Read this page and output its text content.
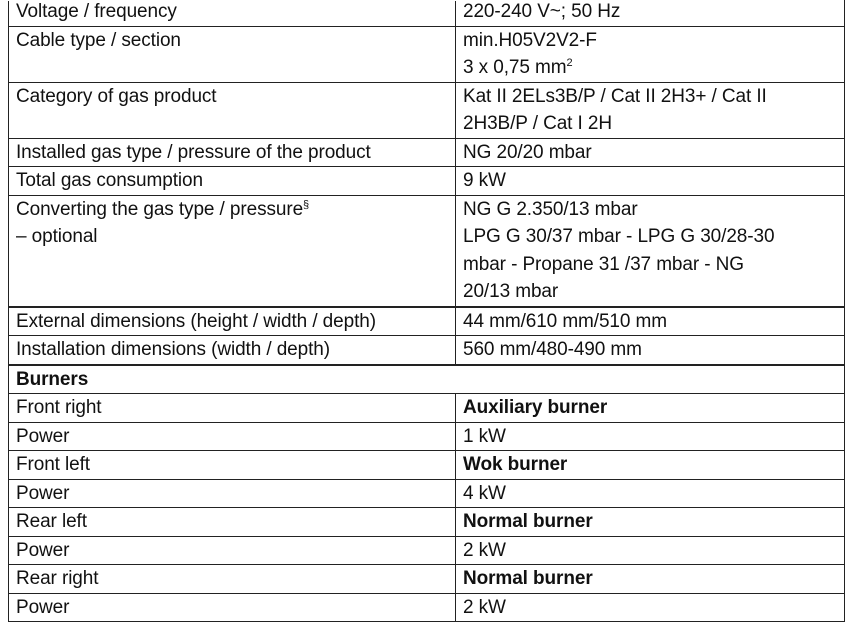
Voltage / frequency	220-240 V~; 50 Hz

Cable type / section	min.H05V2V2-F
3 x 0,75 $mm^2$

Category of gas product	Kat II 2ELs3B/P / Cat II 2H3+ / Cat II
2H3B/P / Cat I 2H

Installed gas type / pressure of the product	NG 20/20 mbar

Total gas consumption	9 kW

Converting the gas type / pressure§
– optional	NG G 2.350/13 mbar
LPG G 30/37 mbar - LPG G 30/28-30
mbar - Propane 31 /37 mbar - NG
20/13 mbar

External dimensions (height / width / depth)	44 mm/610 mm/510 mm

Installation dimensions (width / depth)	560 mm/480-490 mm

Burners	

Front right	Auxiliary burner

Power	1 kW

Front left	Wok burner

Power	4 kW

Rear left	Normal burner

Power	2 kW

Rear right	Normal burner

Power	2 kW
